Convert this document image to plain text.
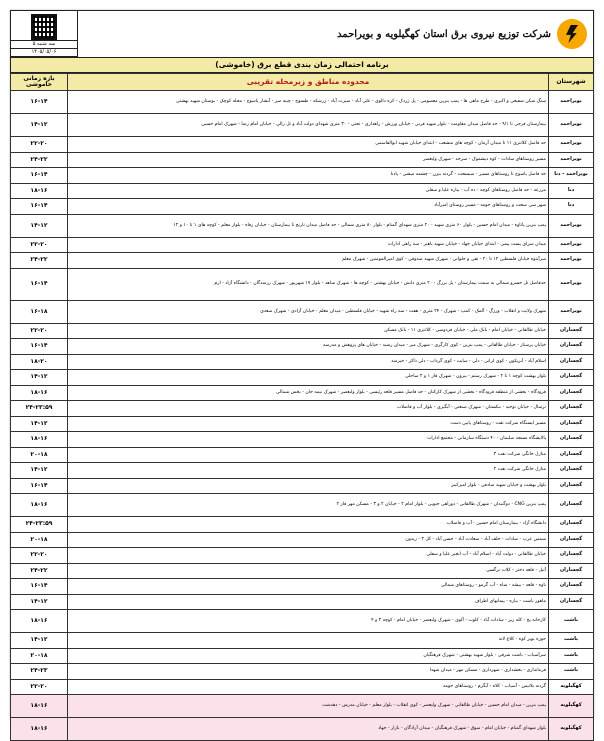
سه شنبه ۵
۱۴۰۵/۰۵/۰۶
شرکت توزیع نیروی برق استان کهگیلویه و بویراحمد
برنامه احتمالی زمان بندی قطع برق (خاموشی)
شهرستان	محدوده مناطق و زیرمحله تقریبی	بازه زمانی خاموشی
بویراحمد	سنگ شکن شفیعی و اکبری - طرح ماهی ها - پمپ بنزین معصومی - پل زردک - کره دالوی - علی آباد - سیرت آباد - زرشکه - طسوج - چینه سر - آبشار یاسوج - محله کوچک - بوستان شهید بهشتی	۱۶-۱۴
بویراحمد	بیمارستان فرجی تا ۹/۱ - حد فاصل میدان مقاومت - بلوار شهید قرنی - خیابان ورزش - راهداری - تختی - ۳۰ متری شهدای دولت آباد و تل زالی - خیابان امام رضا - شهرک امام حسین	۱۴-۱۲
بویراحمد	حد فاصل کلانتری ۱۱ تا میدان آرمان - کوچه های منشعب - ابتدای خیابان شهید ابوالقاسمی	۲۲-۲۰
بویراحمد	مسیر روستاهای سادات - کوه دیشموک - سرحد - شهرک ولیعصر	۲۴-۲۲
بویراحمد - دنا	حد فاصل یاسوج تا روستاهای مسیر - سیسخت - گردنه بیژن - چشمه میشی - پادنا	۱۶-۱۴
دنا	مزرعه - حد فاصل روستاهای کوچه - ده آب - بیاره علیا و سفلی	۱۸-۱۶
دنا	شهر سی سخت و روستاهای حومه - مسیر روستای امیرآباد	۱۶-۱۴
بویراحمد	پمپ بنزین پاتاوه - میدان امام حسین - بلوار ۶۰ متری شهید - ۲۰ متری شهدای گمنام - بلوار ۸۰ متری شمالی - حد فاصل میدان نارنج تا بیمارستان - خیابان رفاه - بلوار معلم - کوچه های ۱ تا ۱۰ و ۱۲	۱۴-۱۲
بویراحمد	میدان سرای پست پیمی - ابتدای خیابان جهاد - خیابان شهید باهنر - سه راهی ادارات	۲۲-۲۰
بویراحمد	سرآبتوه خیابان فلسطین ۱۲ تا ۲۰ - تقی و حلوانی - شهرک شهید صدوقی - کوی امیرالمومنین - شهرک معلم	۲۴-۲۲
بویراحمد	حدفاصل تل خسرو شمالی به سمت بیمارستان - پل بزرگ - ۲۰ متری دانش - خیابان بهشتی - کوچه ها - شهرک شاهد - بلوار ۱۷ شهریور - شهرک رزمندگان - دانشگاه آزاد - ارم	۱۶-۱۴
بویراحمد	شهرک ولایت و انقلاب - ورزگ - آلمک - کمپ - شهرک - ۲۴ متری - هفت - سه راه شهید - خیابان فلسطین - میدان معلم - خیابان آزادی - شهرک سعدی	۱۶-۱۸
گچساران	خیابان طالقانی - خیابان امام - بانک ملی - خیابان فردوسی - کلانتری ۱۱ - بانک مسکن	۲۲-۲۰
گچساران	خیابان پرستار - خیابان طالقانی - پمپ بنزین - کوی کارگری - شهرک میر - میدان رشید - خیابان های پژوهش و مدرسه	۱۶-۱۴
گچساران	اسلام آباد - آبریکون - کوی لرانی - دلی - سایت - کوی گرداب - دلی ذاکر - خیرمند	۱۸-۲۰
گچساران	بلوار بهشت کوچه ۱ تا ۲ - شهرک رستم - بیرون - شهرک فاز ۱ و ۲ ساحلی	۱۴-۱۲
گچساران	فرودگاه - بخشی از منطقه فرودگاه - بخشی از شهرک کارکنان - حد فاصل مسیر قلعه رئیسی - بلوار ولیعصر - شهرک نیمه جان - بخش شمالی	۱۸-۱۶
گچساران	نرسال - خیابان توحید - بنکستان - شهرک صنعتی - آبگیری - بلوار آب و فاضلاب	۲۴-۲۳:۵۹
گچساران	مسیر ایستگاه شرکت نفت - روستاهای پایین دست	۱۴-۱۲
گچساران	پالایشگاه مسجد سلیمان - ۴۰ دستگاه سازمانی - مجتمع ادارات	۱۸-۱۶
گچساران	منازل خانگی شرکت نفت ۳	۲۰-۱۸
گچساران	منازل خانگی شرکت نفت ۲	۱۴-۱۲
گچساران	بلوار بهشت و خیابان شهید صادقی - بلوار امیرکبیر	۱۶-۱۴
گچساران	پمپ بنزین CNG - دوگنبدان - شهرک طالقانی - دوراهی جنوبی - بلوار امام ۲ - خیابان ۲ و ۳ - مسکن مهر فاز ۲	۱۸-۱۶
گچساران	دانشگاه آزاد - بیمارستان امام حسین - آب و فاضلاب	۲۴-۲۳:۵۹
گچساران	شمس عرب - سادات - خلف آباد - سعادت آباد - حسن آباد - کل ۳ - زیدون	۲۰-۱۸
گچساران	خیابان طالقانی - دولت آباد - اسلام آباد - آب انجیر علیا و سفلی	۲۲-۲۰
گچساران	آتیل - قلعه دختر - کلات نرگسی	۲۴-۲۲
گچساران	ناوه - قلعه - بیشه - شاه - آب گرمو - روستاهای شمالی	۱۶-۱۴
گچساران	ماهور باشت - بیاره - پیمانهای اطراف	۱۴-۱۲
باشت	کارخانه یخ - کله ریز - سادات آباد - کلوت - آلوی - شهرک ولیعصر - خیابان امام - کوچه ۳ و ۴	۱۸-۱۶
باشت	حوزه بویر کوه - کلاغ لانه	۱۴-۱۲
باشت	سرآسیاب - باشت شرقی - بلوار شهید بهشتی - شهرک فرهنگیان	۲۰-۱۸
باشت	فرمانداری - بخشداری - شهرداری - مسکن مهر - میدان شهدا	۲۴-۲۳
کهگیلویه	گردنه بلاتیس - آسیاب - کلاه - آبگرم - روستاهای حومه	۲۲-۲۰
کهگیلویه	پمپ بنزین - میدان امام حسین - خیابان طالقانی - شهرک ولیعصر - کوی انقلاب - بلوار معلم - خیابان مدرس - دهدشت	۱۸-۱۶
کهگیلویه	بلوار شهدای گمنام - خیابان امام - سوق - شهرک فرهنگیان - میدان آزادگان - بازار - جهاد	۱۸-۱۶
